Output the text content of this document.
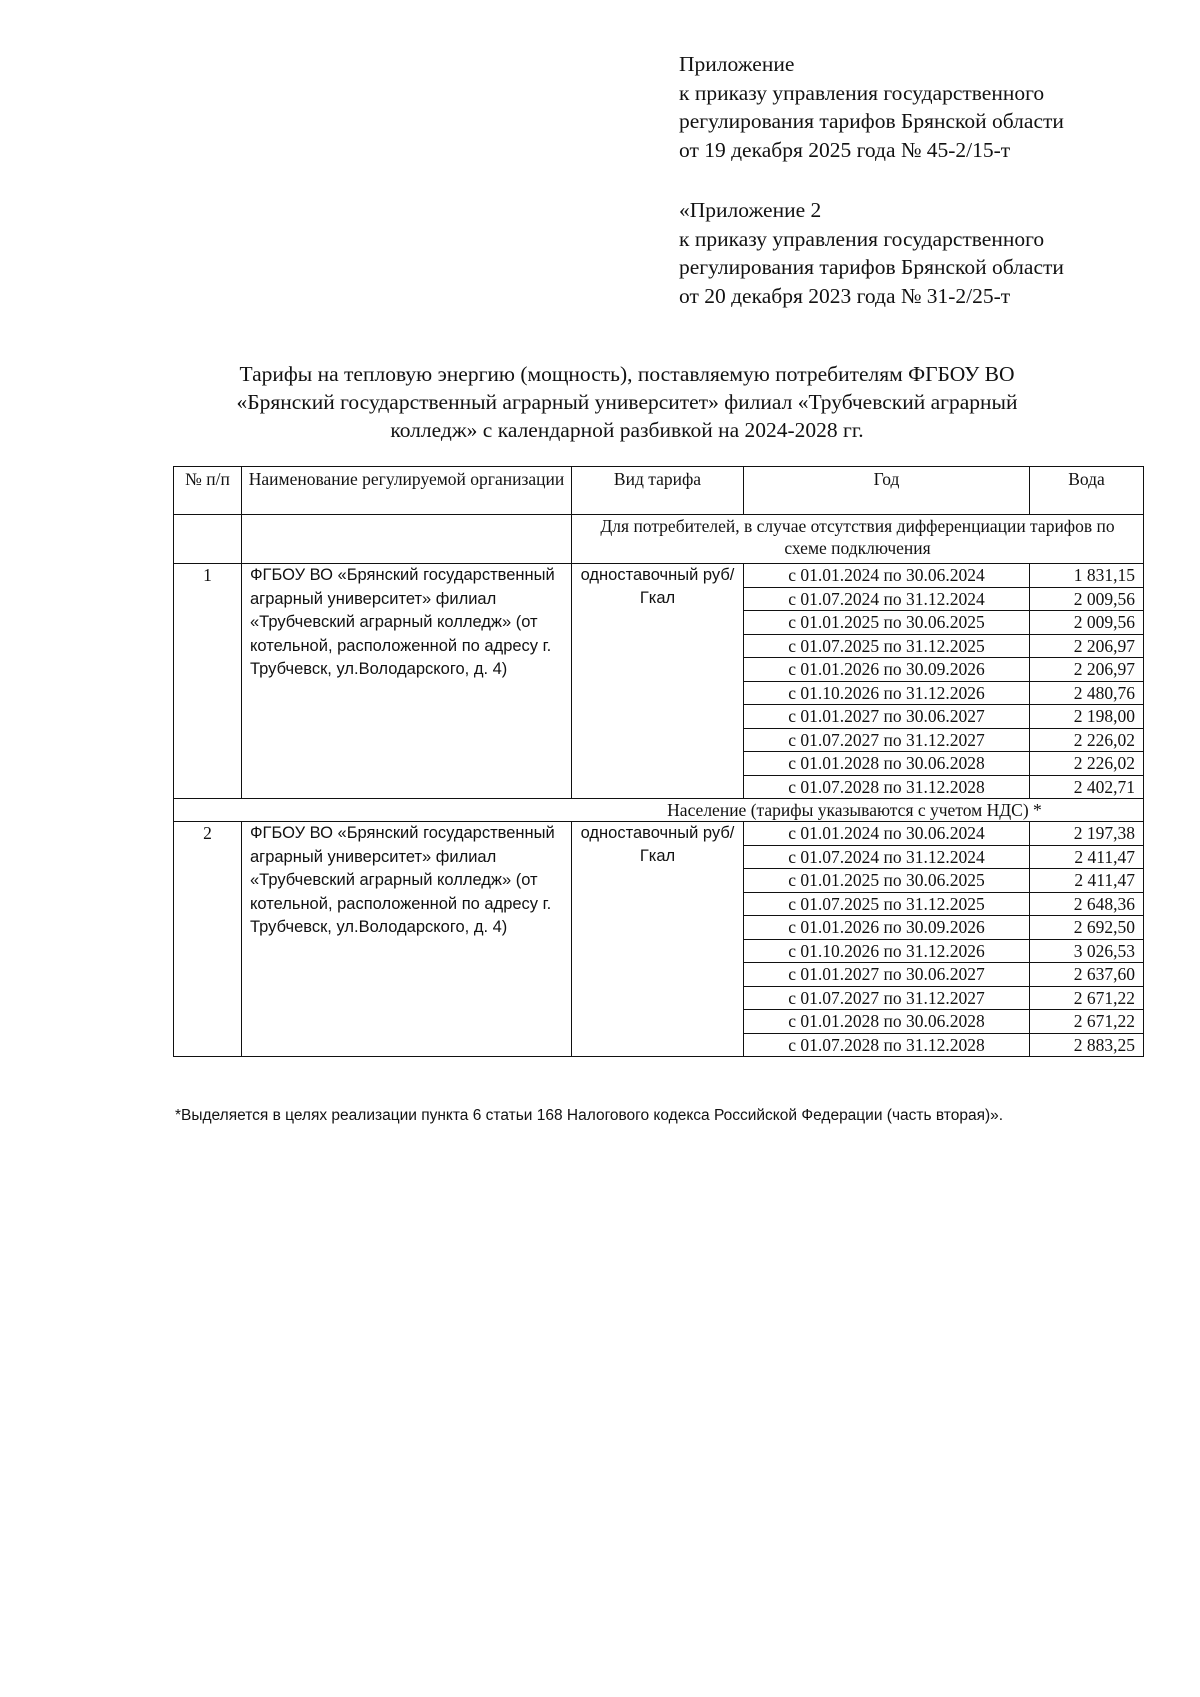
Приложение

к приказу управления государственного

регулирования тарифов Брянской области

от 19 декабря 2025 года № 45-2/15-т

«Приложение 2

к приказу управления государственного

регулирования тарифов Брянской области

от 20 декабря 2023 года № 31-2/25-т

Тарифы на тепловую энергию (мощность), поставляемую потребителям ФГБОУ ВО

«Брянский государственный аграрный университет» филиал «Трубчевский аграрный

колледж» с календарной разбивкой на 2024-2028 гг.

№ п/п	Наименование регулируемой организации	Вид тарифа	Год	Вода
		Для потребителей, в случае отсутствия дифференциации тарифов по схеме подключения		
1	ФГБОУ ВО «Брянский государственный аграрный университет» филиал «Трубчевский аграрный колледж» (от котельной, расположенной по адресу г. Трубчевск, ул.Володарского, д. 4)	одноставочный руб/Гкал	с 01.01.2024 по 30.06.2024	1 831,15
			с 01.07.2024 по 31.12.2024	2 009,56
			с 01.01.2025 по 30.06.2025	2 009,56
			с 01.07.2025 по 31.12.2025	2 206,97
			с 01.01.2026 по 30.09.2026	2 206,97
			с 01.10.2026 по 31.12.2026	2 480,76
			с 01.01.2027 по 30.06.2027	2 198,00
			с 01.07.2027 по 31.12.2027	2 226,02
			с 01.01.2028 по 30.06.2028	2 226,02
			с 01.07.2028 по 31.12.2028	2 402,71
Население (тарифы указываются с учетом НДС) *				
2	ФГБОУ ВО «Брянский государственный аграрный университет» филиал «Трубчевский аграрный колледж» (от котельной, расположенной по адресу г. Трубчевск, ул.Володарского, д. 4)	одноставочный руб/Гкал	с 01.01.2024 по 30.06.2024	2 197,38
			с 01.07.2024 по 31.12.2024	2 411,47
			с 01.01.2025 по 30.06.2025	2 411,47
			с 01.07.2025 по 31.12.2025	2 648,36
			с 01.01.2026 по 30.09.2026	2 692,50
			с 01.10.2026 по 31.12.2026	3 026,53
			с 01.01.2027 по 30.06.2027	2 637,60
			с 01.07.2027 по 31.12.2027	2 671,22
			с 01.01.2028 по 30.06.2028	2 671,22
			с 01.07.2028 по 31.12.2028	2 883,25
*Выделяется в целях реализации пункта 6 статьи 168 Налогового кодекса Российской Федерации (часть вторая)».
